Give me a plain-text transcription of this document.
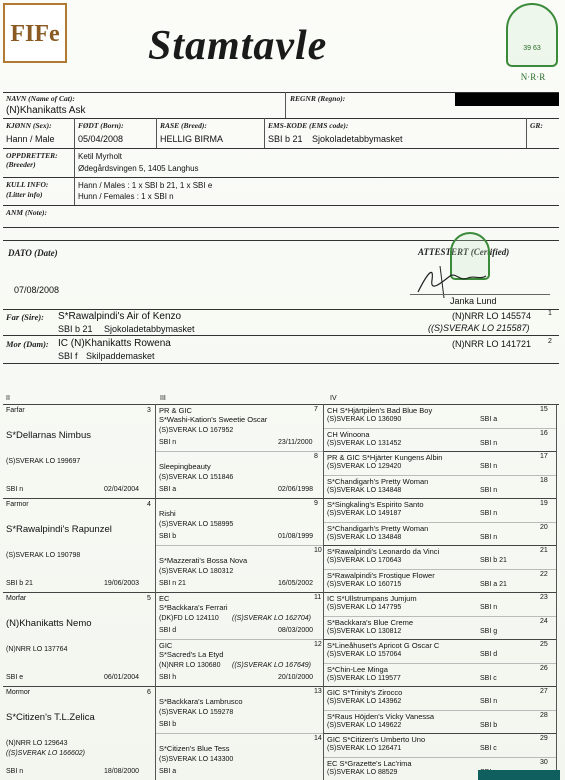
FIFe Stamtavle	39 63
N·R·R
NAVN (Name of Cat):	REGNR (Regno):
(N)Khanikatts Ask
KJØNN (Sex):	FØDT (Born):	RASE (Breed):	EMS-KODE (EMS code):	GR:
Hann / Male	05/04/2008	HELLIG BIRMA	SBI b 21 Sjokoladetabbymasket
OPPDRETTER:
(Breeder)
Ketil Myrholt
Ødegårdsvingen 5, 1405 Langhus
KULL INFO:
(Litter info)
Hann / Males : 1 x SBI b 21, 1 x SBI e
Hunn / Females : 1 x SBI n
ANM (Note):
DATO (Date)	ATTESTERT (Certified)
07/08/2008
Janka Lund
Far (Sire): S*Rawalpindi's Air of Kenzo
SBI b 21 Sjokoladetabbymasket
(N)NRR LO 145574
((S)SVERAK LO 215587)
1
Mor (Dam): IC (N)Khanikatts Rowena
SBI f Skilpaddemasket
(N)NRR LO 141721 2
II	III	IV
Farfar	3
S*Dellarnas Nimbus
(S)SVERAK LO 199697
SBI n	02/04/2004
Farmor	4
S*Rawalpindi's Rapunzel
(S)SVERAK LO 190798
SBI b 21	19/06/2003
Morfar	5
(N)Khanikatts Nemo
(N)NRR LO 137764
SBI e	06/01/2004
Mormor	6
S*Citizen's T.L.Zelica
(N)NRR LO 129643
((S)SVERAK LO 166602)
SBI n	18/08/2000
7
PR & GIC
S*Washi-Kation's Sweetie Oscar
(S)SVERAK LO 167952
SBI n	23/11/2000
8
Sleepingbeauty
(S)SVERAK LO 151846
SBI a	02/06/1998
9
Rishi
(S)SVERAK LO 158995
SBI b	01/08/1999
10
S*Mazzerati's Bossa Nova
(S)SVERAK LO 180312
SBI n 21	16/05/2002
11
EC
S*Backkara's Ferrari
(DK)FD LO 124110 ((S)SVERAK LO 162704)
SBI d	08/03/2000
12
GIC
S*Sacred's La Etyd
(N)NRR LO 130680 ((S)SVERAK LO 167649)
SBI h	20/10/2000
13
S*Backkara's Lambrusco
(S)SVERAK LO 159278
SBI b
14
S*Citizen's Blue Tess
(S)SVERAK LO 143300
SBI a
CH S*Hjärtpilen's Bad Blue Boy	15
(S)SVERAK LO 136090	SBI a
CH Winoona	16
(S)SVERAK LO 131452	SBI n
PR & GIC S*Hjärter Kungens Albin	17
(S)SVERAK LO 129420	SBI n
S*Chandigarh's Pretty Woman	18
(S)SVERAK LO 134848	SBI n
S*Singkaling's Espirito Santo	19
(S)SVERAK LO 149187	SBI n
S*Chandigarh's Pretty Woman	20
(S)SVERAK LO 134848	SBI n
S*Rawalpindi's Leonardo da Vinci	21
(S)SVERAK LO 170643	SBI b 21
S*Rawalpindi's Frostique Flower	22
(S)SVERAK LO 160715	SBI a 21
IC S*Ullstrumpans Jumjum	23
(S)SVERAK LO 147795	SBI n
S*Backkara's Blue Creme	24
(S)SVERAK LO 130812	SBI g
S*Lineåhuset's Apricot G Oscar C	25
(S)SVERAK LO 157064	SBI d
S*Chin-Lee Minga	26
(S)SVERAK LO 119577	SBI c
GIC S*Trinity's Zirocco	27
(S)SVERAK LO 143962	SBI n
S*Raus Höjden's Vicky Vanessa	28
(S)SVERAK LO 149622	SBI b
GIC S*Citizen's Umberto Uno	29
(S)SVERAK LO 126471	SBI c
EC S*Grazette's Lac'rima	30
(S)SVERAK LO 88529
